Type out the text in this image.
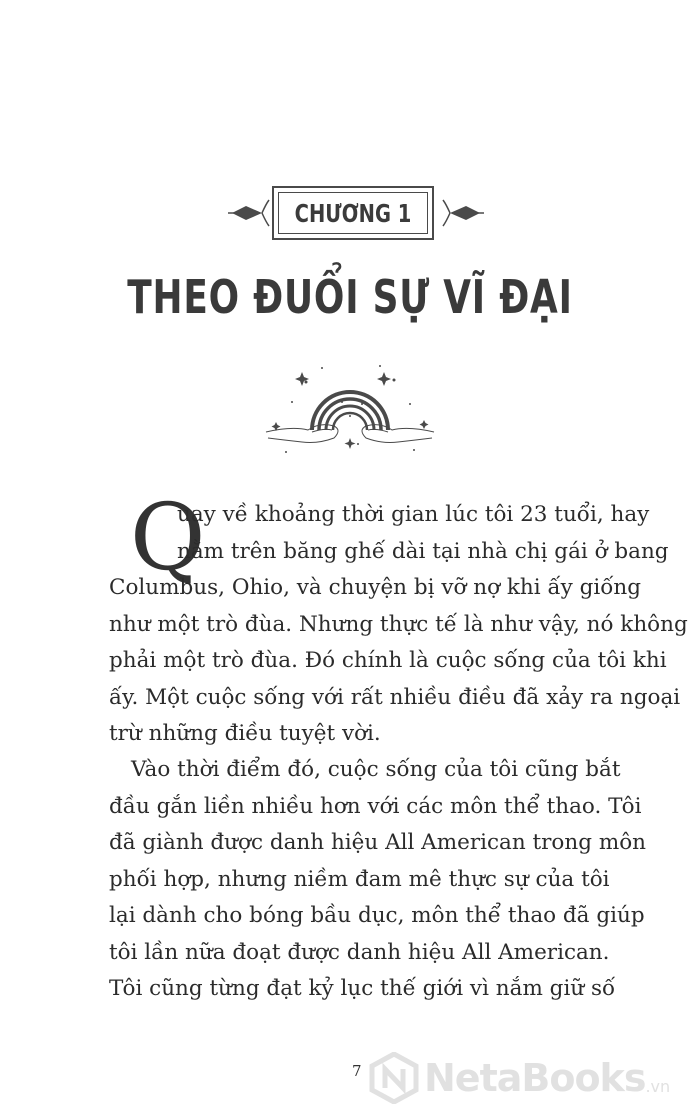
CHƯƠNG 1
THEO ĐUỔI SỰ VĨ ĐẠI
Q
uay về khoảng thời gian lúc tôi 23 tuổi, hay
nằm trên băng ghế dài tại nhà chị gái ở bang
Columbus, Ohio, và chuyện bị vỡ nợ khi ấy giống
như một trò đùa. Nhưng thực tế là như vậy, nó không
phải một trò đùa. Đó chính là cuộc sống của tôi khi
ấy. Một cuộc sống với rất nhiều điều đã xảy ra ngoại
trừ những điều tuyệt vời.
Vào thời điểm đó, cuộc sống của tôi cũng bắt
đầu gắn liền nhiều hơn với các môn thể thao. Tôi
đã giành được danh hiệu All American trong môn
phối hợp, nhưng niềm đam mê thực sự của tôi
lại dành cho bóng bầu dục, môn thể thao đã giúp
tôi lần nữa đoạt được danh hiệu All American.
Tôi cũng từng đạt kỷ lục thế giới vì nắm giữ số
7 NetaBooks .vn
